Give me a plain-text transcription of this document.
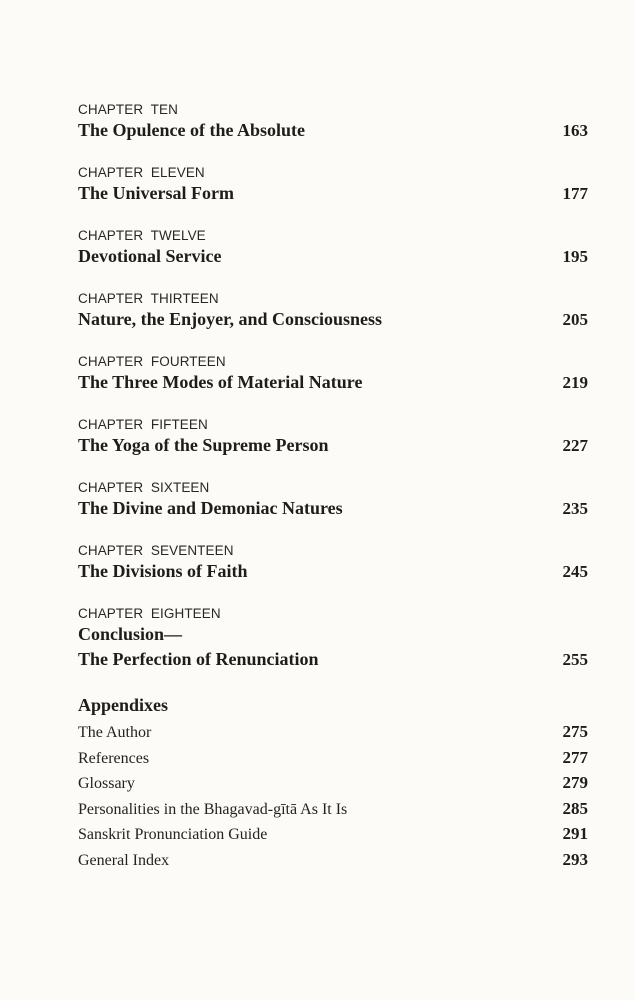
CHAPTER  TEN
The Opulence of the Absolute	163
CHAPTER  ELEVEN
The Universal Form	177
CHAPTER  TWELVE
Devotional Service	195
CHAPTER  THIRTEEN
Nature, the Enjoyer, and Consciousness	205
CHAPTER  FOURTEEN
The Three Modes of Material Nature	219
CHAPTER  FIFTEEN
The Yoga of the Supreme Person	227
CHAPTER  SIXTEEN
The Divine and Demoniac Natures	235
CHAPTER  SEVENTEEN
The Divisions of Faith	245
CHAPTER  EIGHTEEN
Conclusion—
The Perfection of Renunciation	255
Appendixes
The Author	275
References	277
Glossary	279
Personalities in the Bhagavad-gītā As It Is	285
Sanskrit Pronunciation Guide	291
General Index	293
